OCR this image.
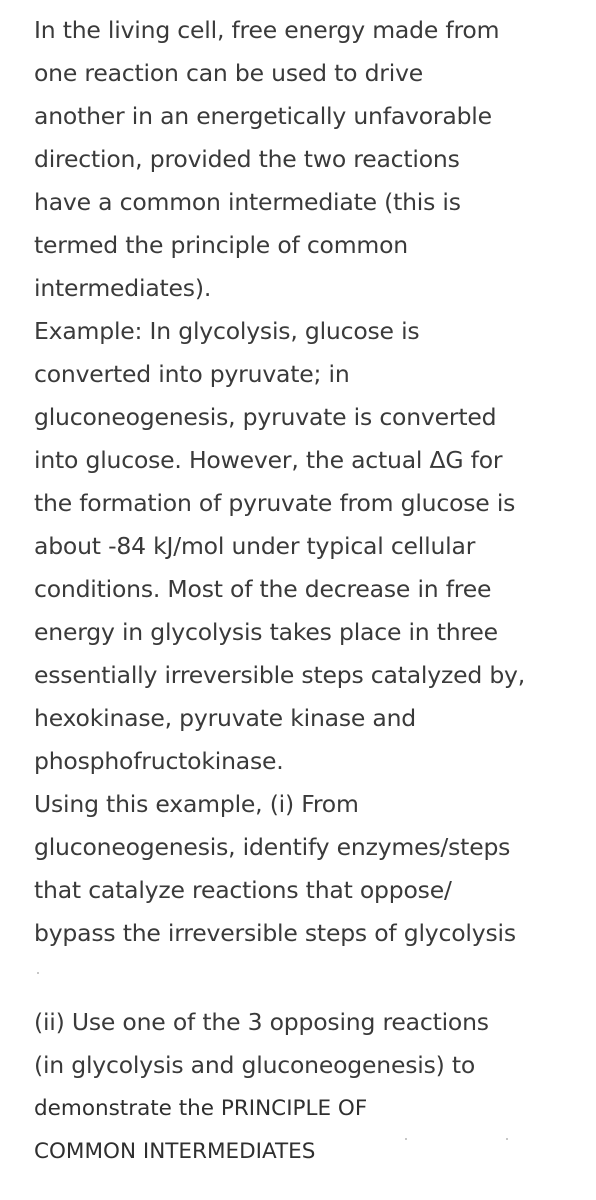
In the living cell, free energy made from

one reaction can be used to drive

another in an energetically unfavorable

direction, provided the two reactions

have a common intermediate (this is

termed the principle of common

intermediates).

Example: In glycolysis, glucose is

converted into pyruvate; in

gluconeogenesis, pyruvate is converted

into glucose. However, the actual ΔG for

the formation of pyruvate from glucose is

about -84 kJ/mol under typical cellular

conditions. Most of the decrease in free

energy in glycolysis takes place in three

essentially irreversible steps catalyzed by,

hexokinase, pyruvate kinase and

phosphofructokinase.

Using this example, (i) From

gluconeogenesis, identify enzymes/steps

that catalyze reactions that oppose/

bypass the irreversible steps of glycolysis

(ii) Use one of the 3 opposing reactions

(in glycolysis and gluconeogenesis) to

demonstrate the PRINCIPLE OF

COMMON INTERMEDIATES
